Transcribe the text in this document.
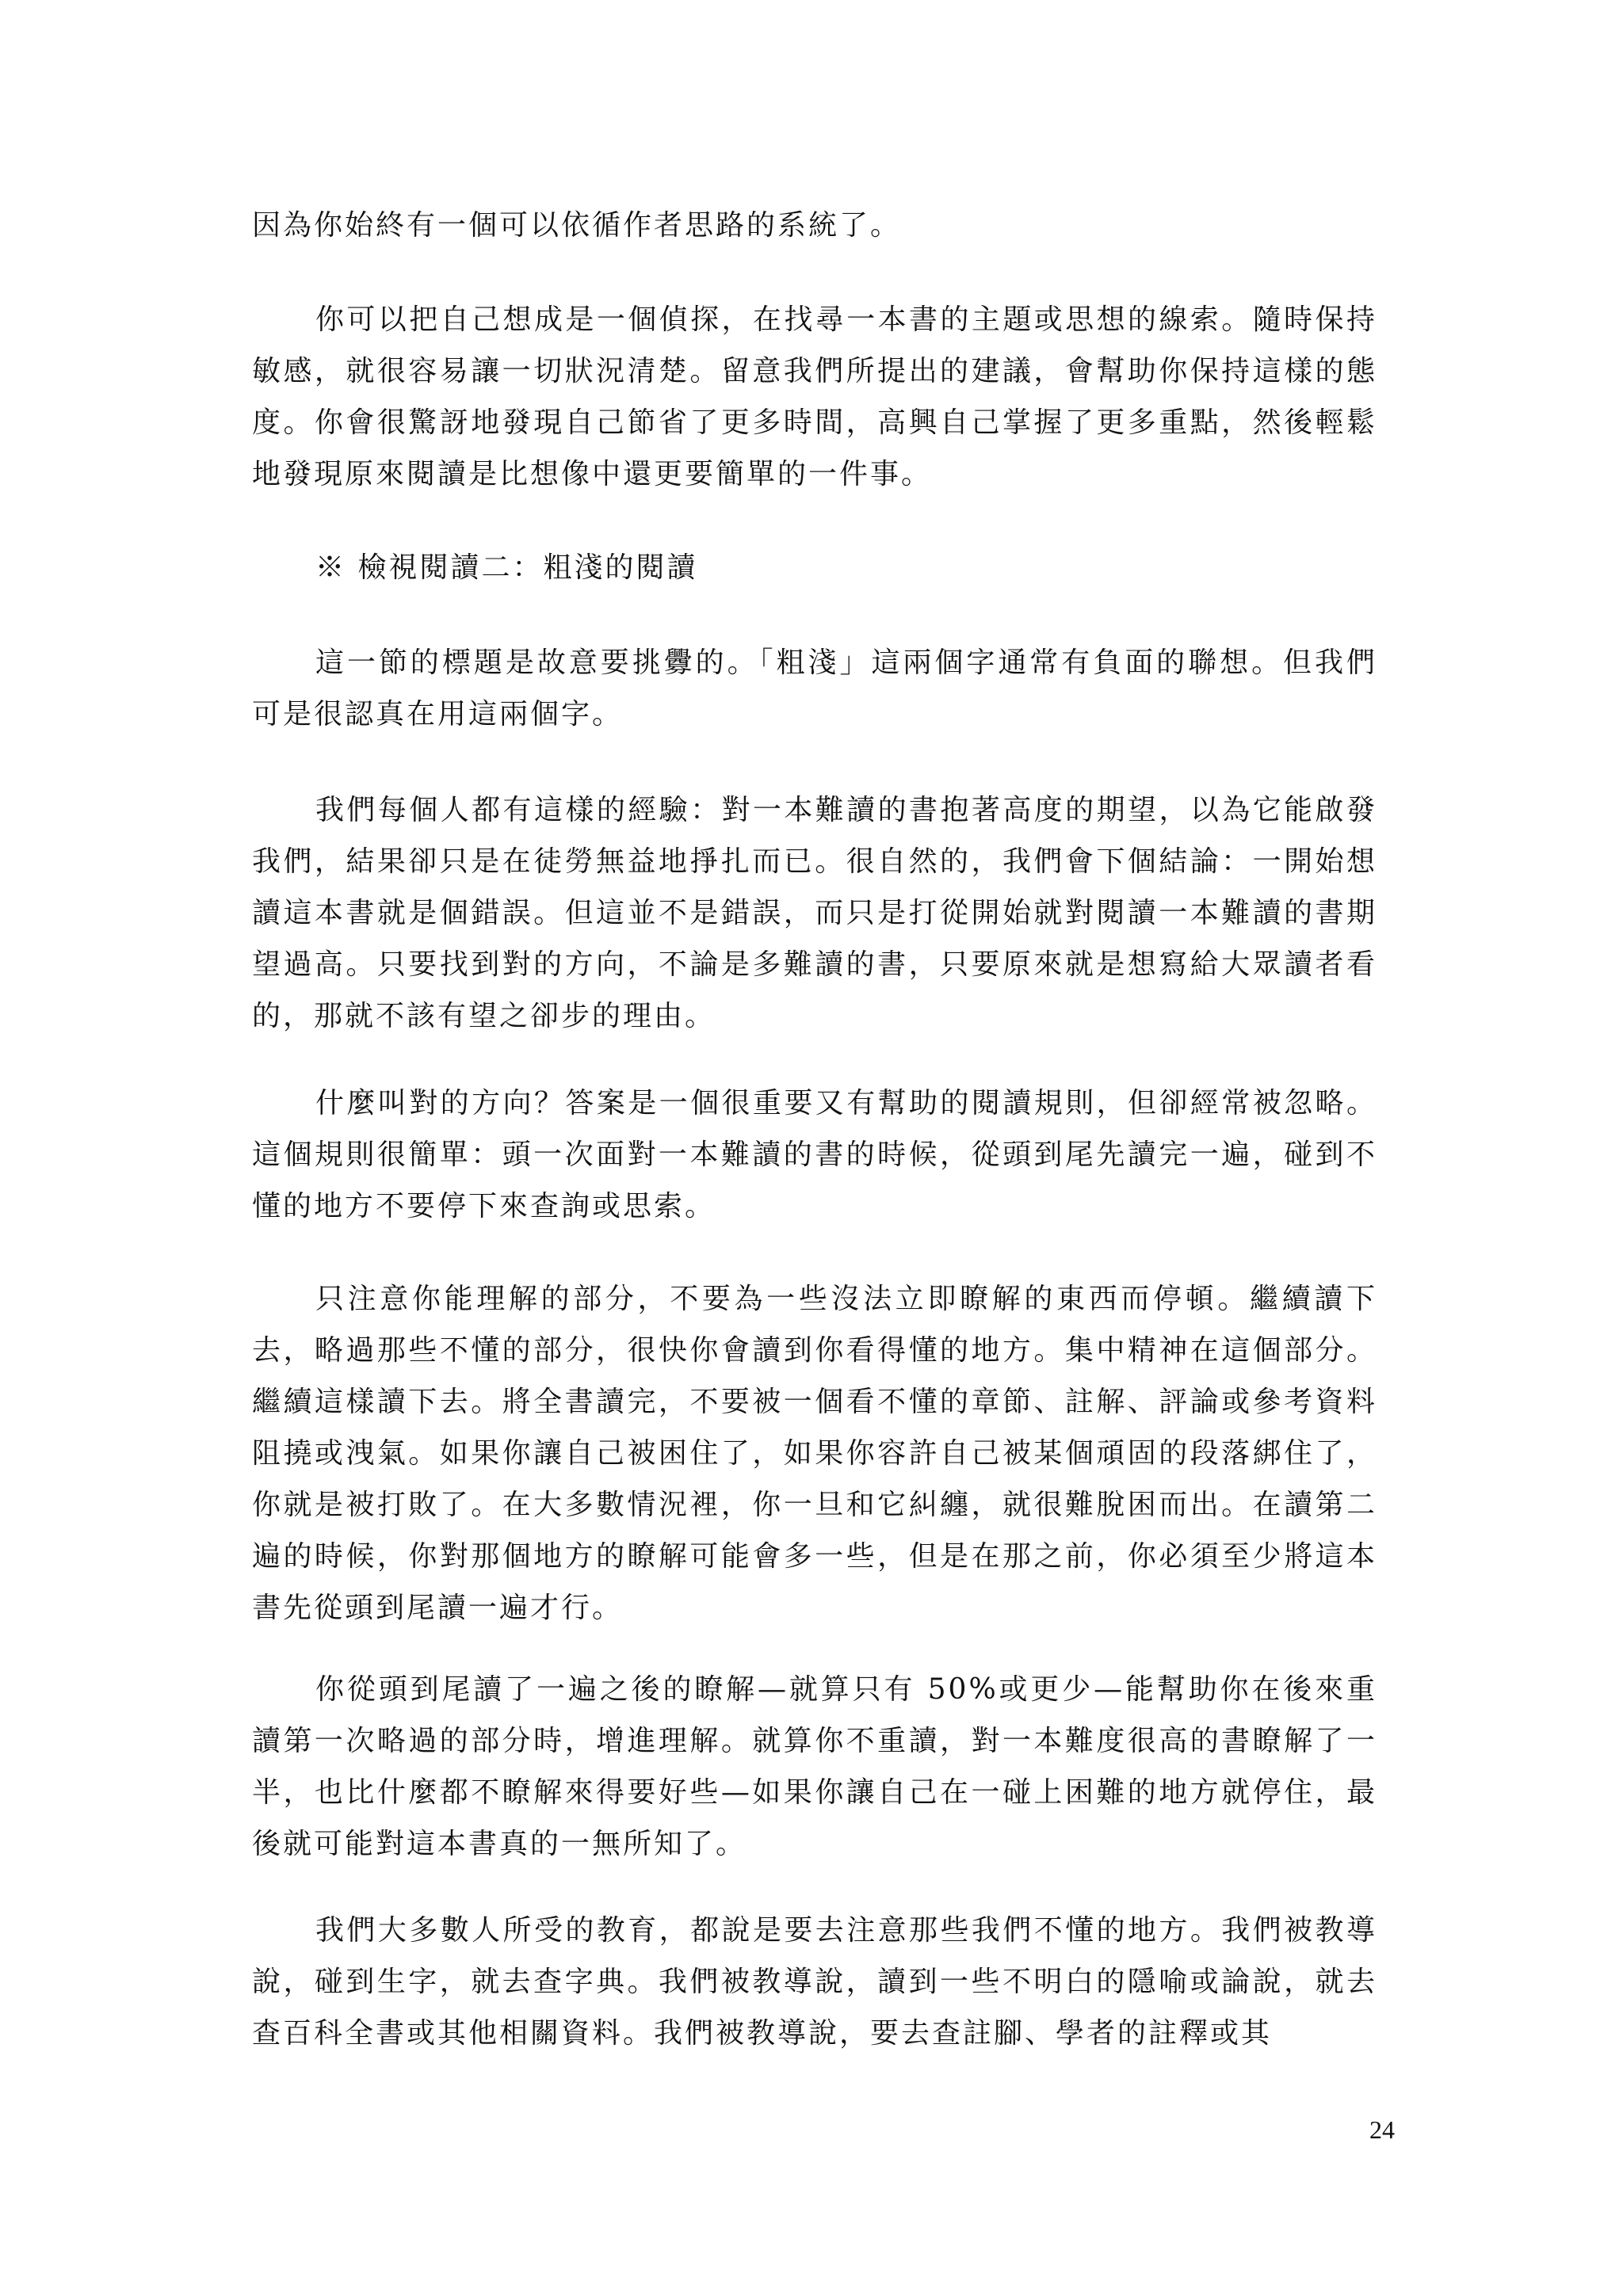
因為你始終有一個可以依循作者思路的系統了。

你可以把自己想成是一個偵探，在找尋一本書的主題或思想的線索。隨時保持敏感，就很容易讓一切狀況清楚。留意我們所提出的建議，會幫助你保持這樣的態度。你會很驚訝地發現自己節省了更多時間，高興自己掌握了更多重點，然後輕鬆地發現原來閱讀是比想像中還更要簡單的一件事。

※ 檢視閱讀二：粗淺的閱讀

這一節的標題是故意要挑釁的。「粗淺」這兩個字通常有負面的聯想。但我們可是很認真在用這兩個字。

我們每個人都有這樣的經驗：對一本難讀的書抱著高度的期望，以為它能啟發我們，結果卻只是在徒勞無益地掙扎而已。很自然的，我們會下個結論：一開始想讀這本書就是個錯誤。但這並不是錯誤，而只是打從開始就對閱讀一本難讀的書期望過高。只要找到對的方向，不論是多難讀的書，只要原來就是想寫給大眾讀者看的，那就不該有望之卻步的理由。

什麼叫對的方向？答案是一個很重要又有幫助的閱讀規則，但卻經常被忽略。這個規則很簡單：頭一次面對一本難讀的書的時候，從頭到尾先讀完一遍，碰到不懂的地方不要停下來查詢或思索。

只注意你能理解的部分，不要為一些沒法立即瞭解的東西而停頓。繼續讀下去，略過那些不懂的部分，很快你會讀到你看得懂的地方。集中精神在這個部分。繼續這樣讀下去。將全書讀完，不要被一個看不懂的章節、註解、評論或參考資料阻撓或洩氣。如果你讓自己被困住了，如果你容許自己被某個頑固的段落綁住了，你就是被打敗了。在大多數情況裡，你一旦和它糾纏，就很難脫困而出。在讀第二遍的時候，你對那個地方的瞭解可能會多一些，但是在那之前，你必須至少將這本書先從頭到尾讀一遍才行。

你從頭到尾讀了一遍之後的瞭解—就算只有 50%或更少—能幫助你在後來重讀第一次略過的部分時，增進理解。就算你不重讀，對一本難度很高的書瞭解了一半，也比什麼都不瞭解來得要好些—如果你讓自己在一碰上困難的地方就停住，最後就可能對這本書真的一無所知了。

我們大多數人所受的教育，都說是要去注意那些我們不懂的地方。我們被教導說，碰到生字，就去查字典。我們被教導說，讀到一些不明白的隱喻或論說，就去查百科全書或其他相關資料。我們被教導說，要去查註腳、學者的註釋或其

24
